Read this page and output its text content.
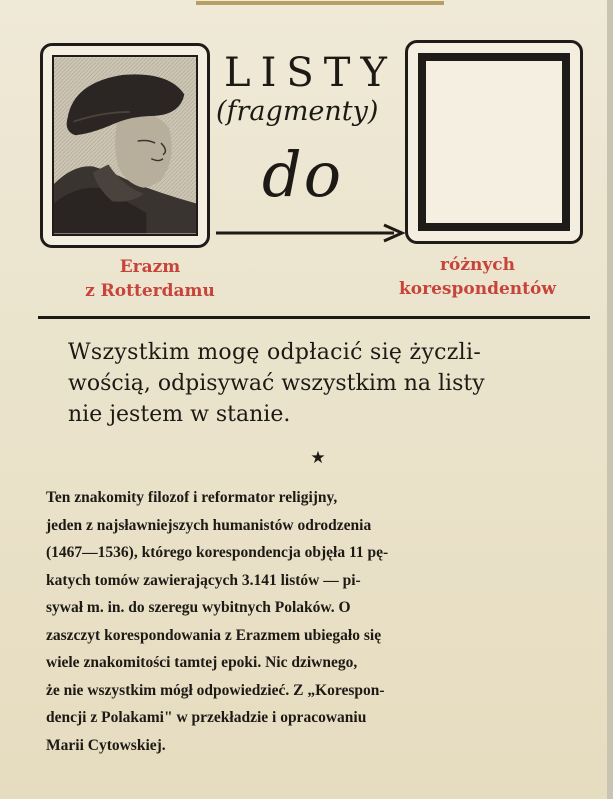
LISTY
(fragmenty)
do
Erazm
z Rotterdamu
różnych
korespondentów

Wszystkim mogę odpłacić się życzli-
wością, odpisywać wszystkim na listy
nie jestem w stanie.

★

Ten znakomity filozof i reformator religijny,
jeden z najsławniejszych humanistów odrodzenia
(1467—1536), którego korespondencja objęła 11 pę-
katych tomów zawierających 3.141 listów — pi-
sywał m. in. do szeregu wybitnych Polaków. O
zaszczyt korespondowania z Erazmem ubiegało się
wiele znakomitości tamtej epoki. Nic dziwnego,
że nie wszystkim mógł odpowiedzieć. Z „Korespon-
dencji z Polakami" w przekładzie i opracowaniu
Marii Cytowskiej.
